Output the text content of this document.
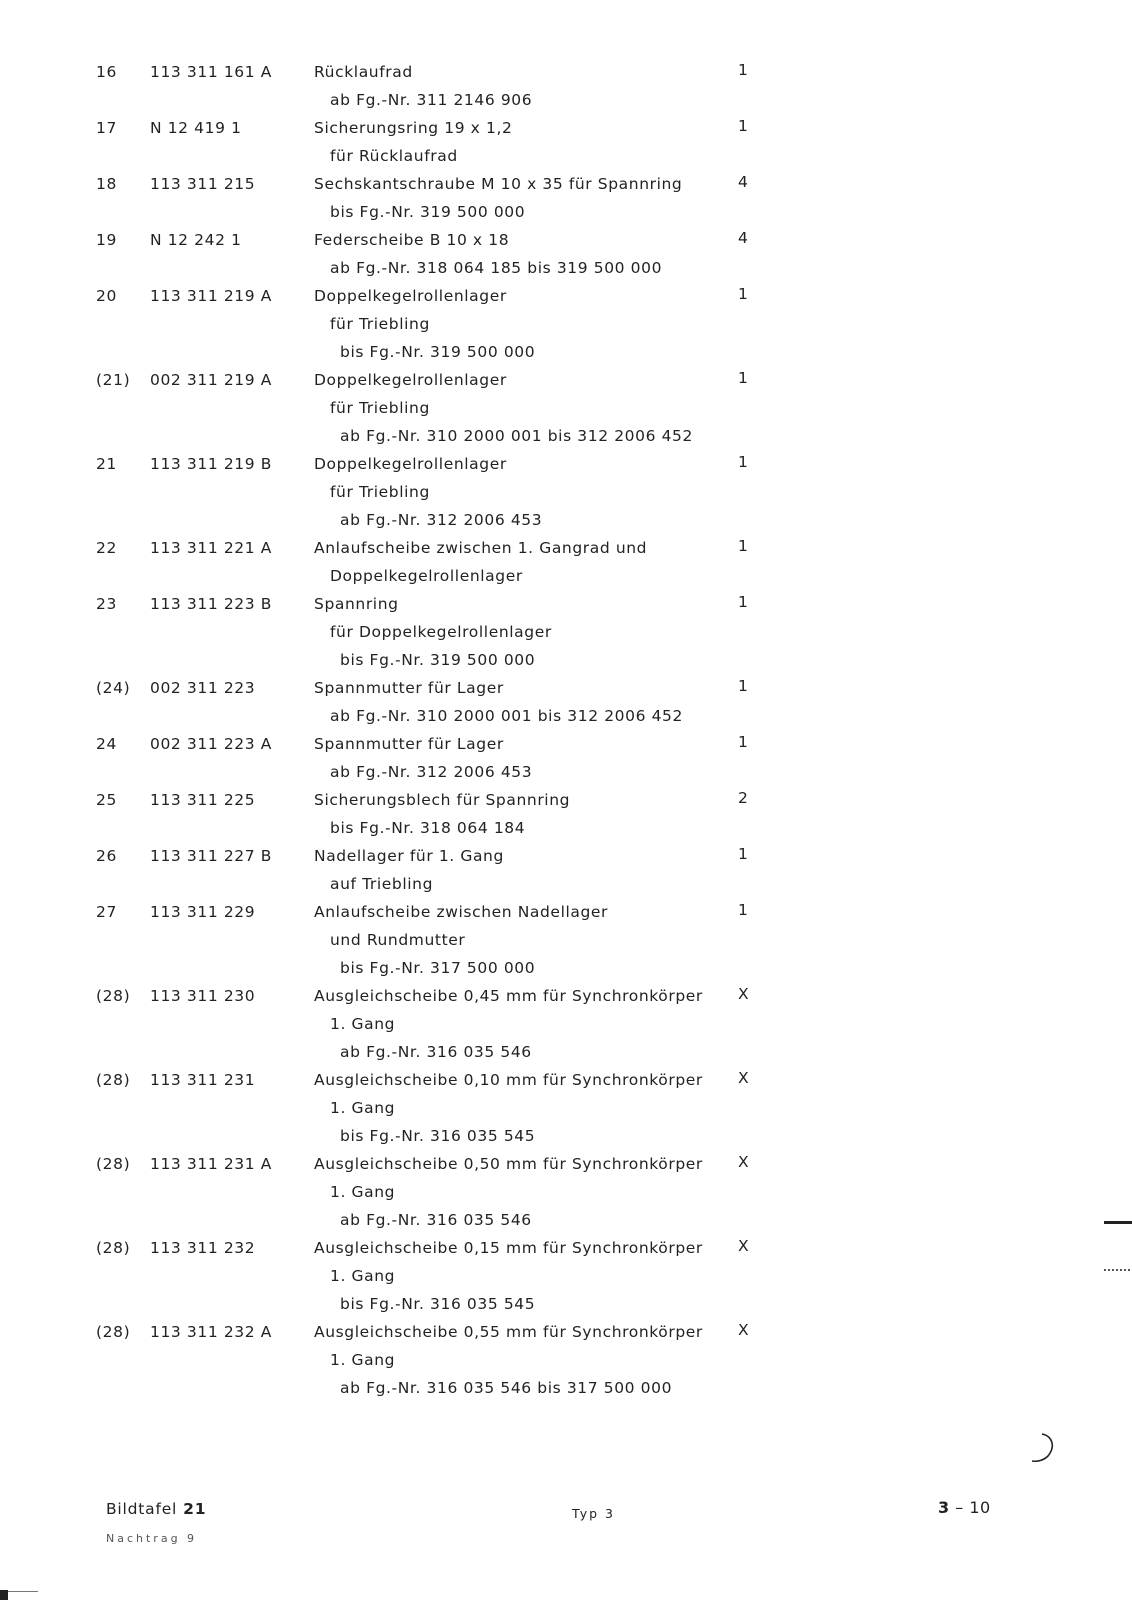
16 113 311 161 A	Rücklaufrad	1
ab Fg.-Nr. 311 2146 906
17 N 12 419 1	Sicherungsring 19 x 1,2	1
für Rücklaufrad
18 113 311 215	Sechskantschraube M 10 x 35 für Spannring	4
bis Fg.-Nr. 319 500 000
19 N 12 242 1	Federscheibe B 10 x 18	4
ab Fg.-Nr. 318 064 185 bis 319 500 000
20 113 311 219 A	Doppelkegelrollenlager	1
für Triebling
bis Fg.-Nr. 319 500 000
(21) 002 311 219 A	Doppelkegelrollenlager	1
für Triebling
ab Fg.-Nr. 310 2000 001 bis 312 2006 452
21 113 311 219 B	Doppelkegelrollenlager	1
für Triebling
ab Fg.-Nr. 312 2006 453
22 113 311 221 A	Anlaufscheibe zwischen 1. Gangrad und	1
Doppelkegelrollenlager
23 113 311 223 B	Spannring	1
für Doppelkegelrollenlager
bis Fg.-Nr. 319 500 000
(24) 002 311 223	Spannmutter für Lager	1
ab Fg.-Nr. 310 2000 001 bis 312 2006 452
24 002 311 223 A	Spannmutter für Lager	1
ab Fg.-Nr. 312 2006 453
25 113 311 225	Sicherungsblech für Spannring	2
bis Fg.-Nr. 318 064 184
26 113 311 227 B	Nadellager für 1. Gang	1
auf Triebling
27 113 311 229	Anlaufscheibe zwischen Nadellager	1
und Rundmutter
bis Fg.-Nr. 317 500 000
(28) 113 311 230	Ausgleichscheibe 0,45 mm für Synchronkörper X
1. Gang
ab Fg.-Nr. 316 035 546
(28) 113 311 231	Ausgleichscheibe 0,10 mm für Synchronkörper X
1. Gang
bis Fg.-Nr. 316 035 545
(28) 113 311 231 A	Ausgleichscheibe 0,50 mm für Synchronkörper X
1. Gang
ab Fg.-Nr. 316 035 546
(28) 113 311 232	Ausgleichscheibe 0,15 mm für Synchronkörper X
1. Gang
bis Fg.-Nr. 316 035 545
(28) 113 311 232 A	Ausgleichscheibe 0,55 mm für Synchronkörper X
1. Gang
ab Fg.-Nr. 316 035 546 bis 317 500 000
Bildtafel 21
Nachtrag 9
Typ 3	3 – 10
